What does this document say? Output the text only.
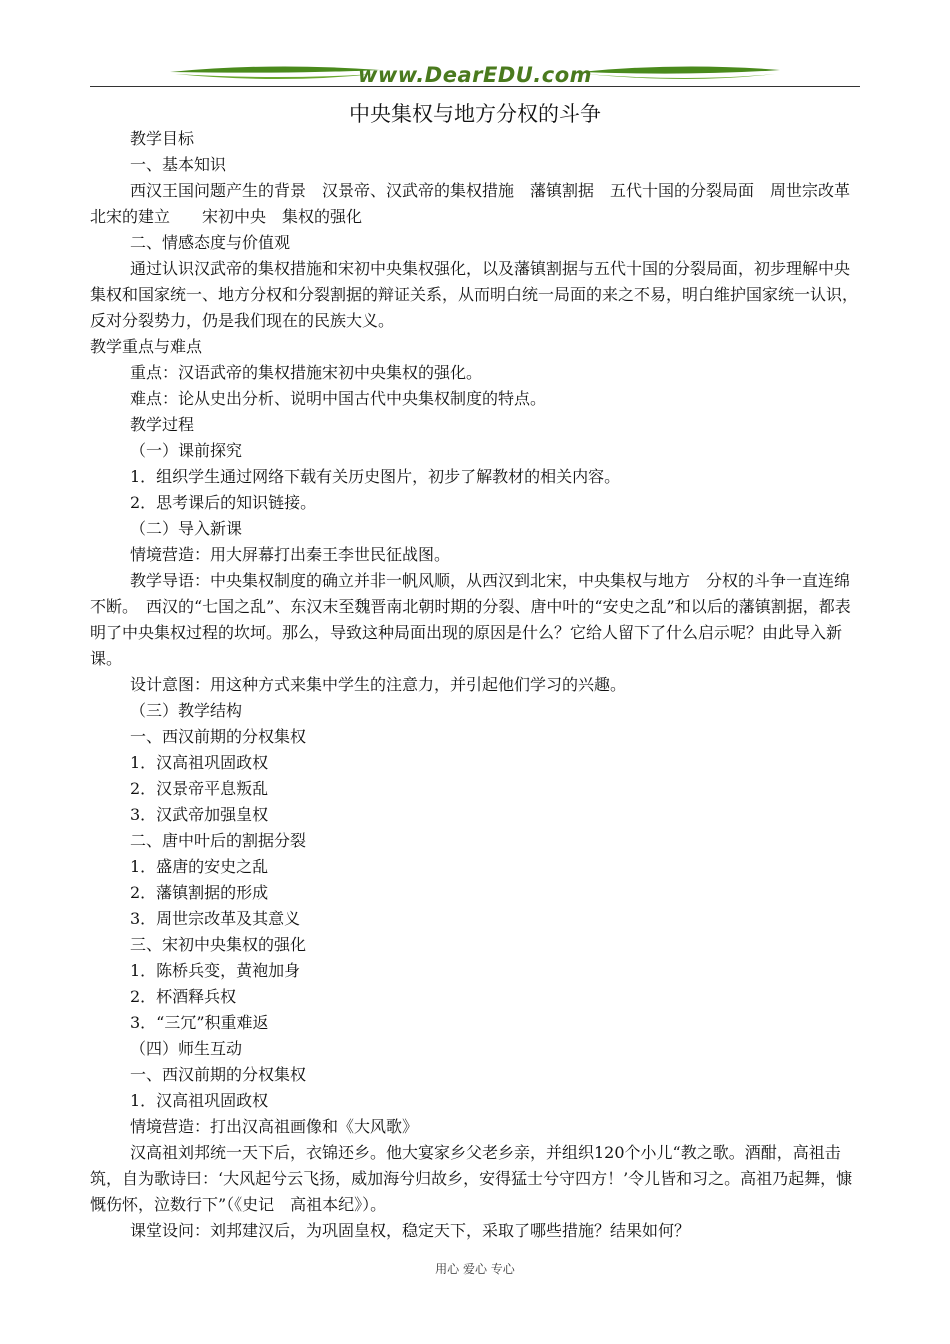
www.DearEDU.com
中央集权与地方分权的斗争

教学目标

一、基本知识

西汉王国问题产生的背景　汉景帝、汉武帝的集权措施　藩镇割据　五代十国的分裂局面　周世宗改革　　北宋的建立　　宋初中央　集权的强化

二、情感态度与价值观

通过认识汉武帝的集权措施和宋初中央集权强化，以及藩镇割据与五代十国的分裂局面，初步理解中央集权和国家统一、地方分权和分裂割据的辩证关系，从而明白统一局面的来之不易，明白维护国家统一认识，反对分裂势力，仍是我们现在的民族大义。

教学重点与难点

重点：汉语武帝的集权措施宋初中央集权的强化。

难点：论从史出分析、说明中国古代中央集权制度的特点。

教学过程

（一）课前探究

1．组织学生通过网络下载有关历史图片，初步了解教材的相关内容。

2．思考课后的知识链接。

（二）导入新课

情境营造：用大屏幕打出秦王李世民征战图。

教学导语：中央集权制度的确立并非一帆风顺，从西汉到北宋，中央集权与地方　分权的斗争一直连绵不断。　西汉的“七国之乱”、东汉末至魏晋南北朝时期的分裂、唐中叶的“安史之乱”和以后的藩镇割据，都表明了中央集权过程的坎坷。那么，导致这种局面出现的原因是什么？它给人留下了什么启示呢？由此导入新课。

设计意图：用这种方式来集中学生的注意力，并引起他们学习的兴趣。

（三）教学结构

一、西汉前期的分权集权

1．汉高祖巩固政权

2．汉景帝平息叛乱

3．汉武帝加强皇权

二、唐中叶后的割据分裂

1．盛唐的安史之乱

2．藩镇割据的形成

3．周世宗改革及其意义

三、宋初中央集权的强化

1．陈桥兵变，黄袍加身

2．杯酒释兵权

3．“三冗”积重难返

（四）师生互动

一、西汉前期的分权集权

1．汉高祖巩固政权

情境营造：打出汉高祖画像和《大风歌》

汉高祖刘邦统一天下后，衣锦还乡。他大宴家乡父老乡亲，并组织120个小儿“教之歌。酒酣，高祖击筑，自为歌诗曰：‘大风起兮云飞扬，威加海兮归故乡，安得猛士兮守四方！’令儿皆和习之。高祖乃起舞，慷慨伤怀，泣数行下”（《史记　高祖本纪》）。

课堂设问：刘邦建汉后，为巩固皇权，稳定天下，采取了哪些措施？结果如何？

用心 爱心 专心
